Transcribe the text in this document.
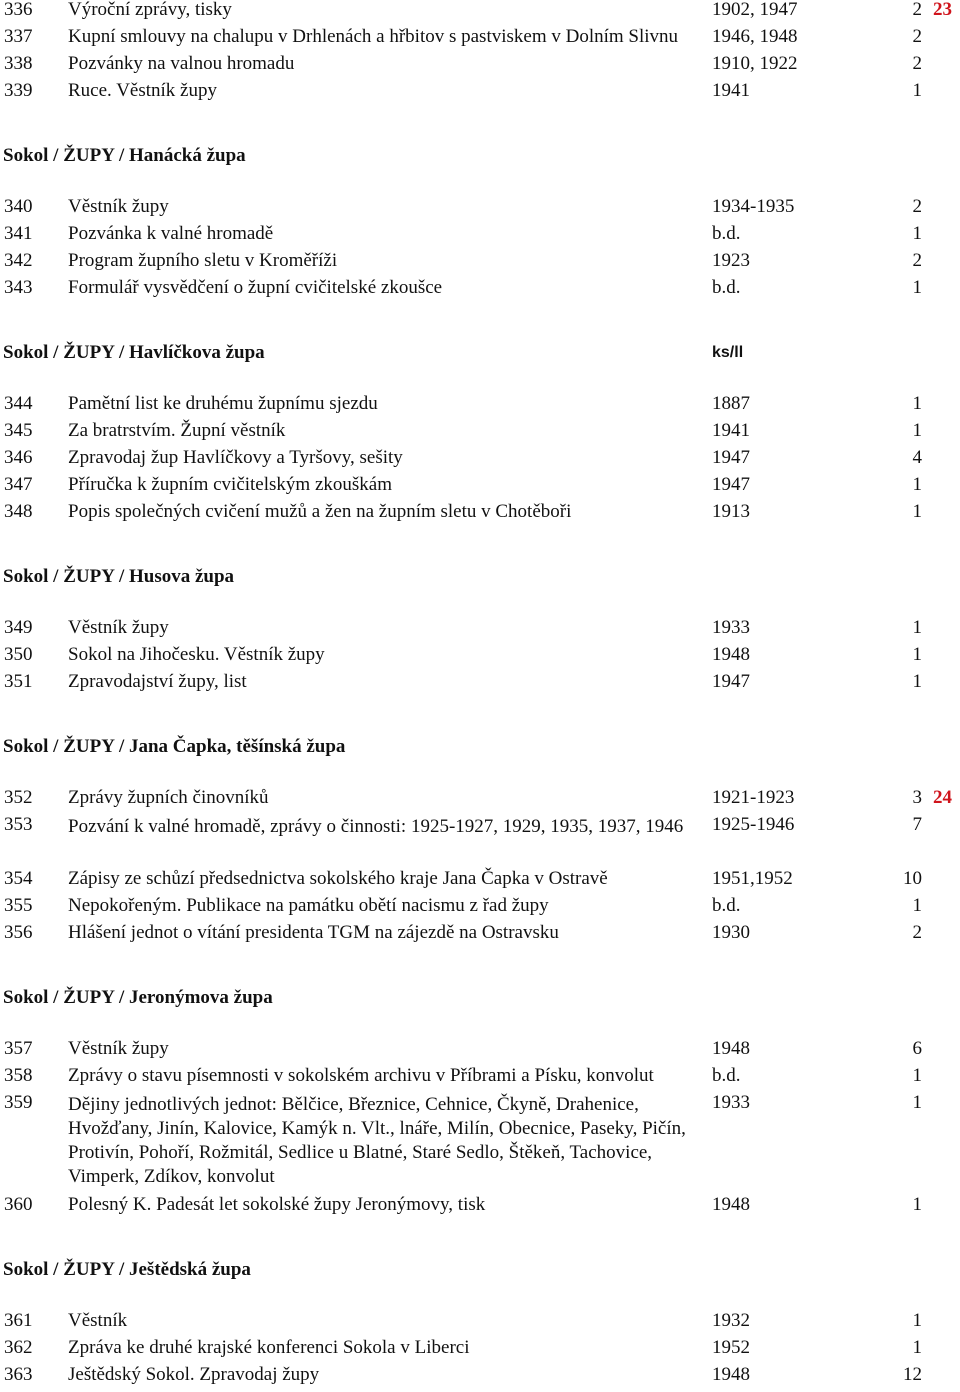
336 Výroční zprávy, tisky	1902, 1947	2 23
337 Kupní smlouvy na chalupu v Drhlenách a hřbitov s pastviskem v Dolním Slivnu 1946, 1948	2
338 Pozvánky na valnou hromadu	1910, 1922	2
339 Ruce. Věstník župy	1941	1
Sokol / ŽUPY / Hanácká župa
340 Věstník župy	1934-1935	2
341 Pozvánka k valné hromadě	b.d.	1
342 Program župního sletu v Kroměříži	1923	2
343 Formulář vysvědčení o župní cvičitelské zkoušce	b.d.	1
Sokol / ŽUPY / Havlíčkova župa	ks/ll
344 Pamětní list ke druhému župnímu sjezdu	1887	1
345 Za bratrstvím. Župní věstník	1941	1
346 Zpravodaj žup Havlíčkovy a Tyršovy, sešity	1947	4
347 Příručka k župním cvičitelským zkouškám	1947	1
348 Popis společných cvičení mužů a žen na župním sletu v Chotěboři	1913	1
Sokol / ŽUPY / Husova župa
349 Věstník župy	1933	1
350 Sokol na Jihočesku. Věstník župy	1948	1
351 Zpravodajství župy, list	1947	1
Sokol / ŽUPY / Jana Čapka, těšínská župa
352 Zprávy župních činovníků	1921-1923	3 24
353 Pozvání k valné hromadě, zprávy o činnosti: 1925-1927, 1929, 1935, 1937, 1946	1925-1946	7
354 Zápisy ze schůzí předsednictva sokolského kraje Jana Čapka v Ostravě	1951,1952	10
355 Nepokořeným. Publikace na památku obětí nacismu z řad župy	b.d.	1
356 Hlášení jednot o vítání presidenta TGM na zájezdě na Ostravsku	1930	2
Sokol / ŽUPY / Jeronýmova župa
357 Věstník župy	1948	6
358 Zprávy o stavu písemnosti v sokolském archivu v Příbrami a Písku, konvolut	b.d.	1
359 Dějiny jednotlivých jednot: Bělčice, Březnice, Cehnice, Čkyně, Drahenice, Hvožďany, Jinín, Kalovice, Kamýk n. Vlt., lnáře, Milín, Obecnice, Paseky, Pičín, Protivín, Pohoří, Rožmitál, Sedlice u Blatné, Staré Sedlo, Štěkeň, Tachovice, Vimperk, Zdíkov, konvolut
1933	1
360 Polesný K. Padesát let sokolské župy Jeronýmovy, tisk	1948	1
Sokol / ŽUPY / Ještědská župa
361 Věstník	1932	1
362 Zpráva ke druhé krajské konferenci Sokola v Liberci	1952	1
363 Ještědský Sokol. Zpravodaj župy	1948	12
